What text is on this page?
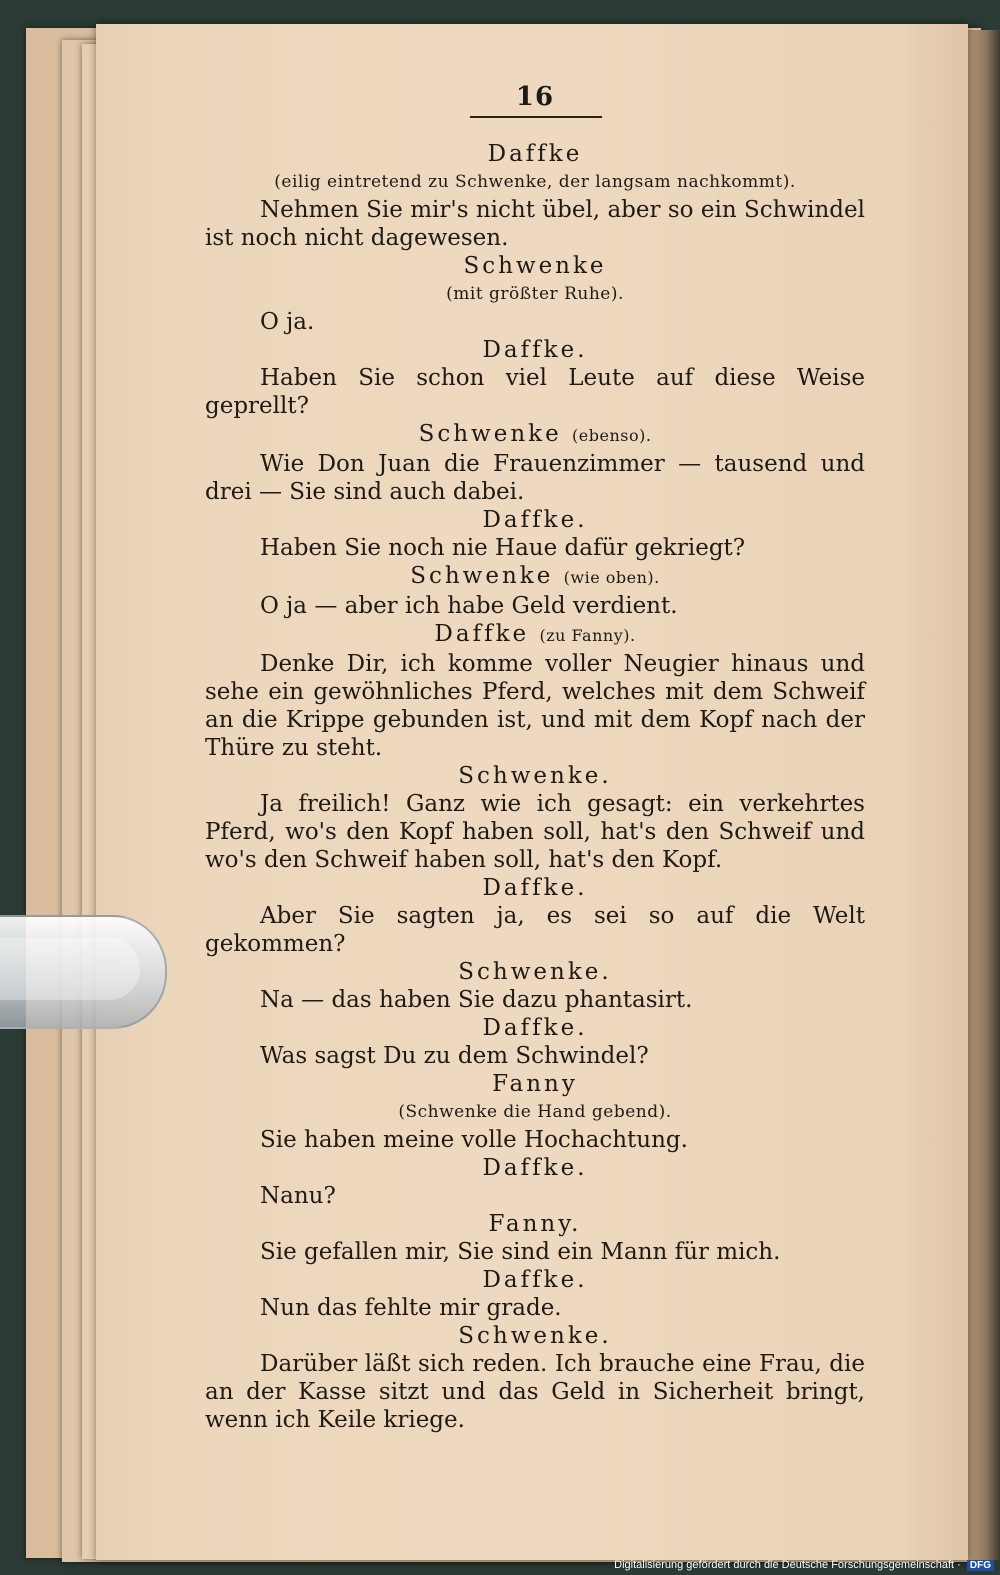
16
Daffke
(eilig eintretend zu Schwenke, der langsam nachkommt).
Nehmen Sie mir's nicht übel, aber so ein Schwindel ist noch nicht dagewesen.
Schwenke
(mit größter Ruhe).
O ja.
Daffke.
Haben Sie schon viel Leute auf diese Weise geprellt?
Schwenke (ebenso).
Wie Don Juan die Frauenzimmer — tausend und drei — Sie sind auch dabei.
Daffke.
Haben Sie noch nie Haue dafür gekriegt?
Schwenke (wie oben).
O ja — aber ich habe Geld verdient.
Daffke (zu Fanny).
Denke Dir, ich komme voller Neugier hinaus und sehe ein gewöhnliches Pferd, welches mit dem Schweif an die Krippe gebunden ist, und mit dem Kopf nach der Thüre zu steht.
Schwenke.
Ja freilich! Ganz wie ich gesagt: ein verkehrtes Pferd, wo's den Kopf haben soll, hat's den Schweif und wo's den Schweif haben soll, hat's den Kopf.
Daffke.
Aber Sie sagten ja, es sei so auf die Welt gekommen?
Schwenke.
Na — das haben Sie dazu phantasirt.
Daffke.
Was sagst Du zu dem Schwindel?
Fanny
(Schwenke die Hand gebend).
Sie haben meine volle Hochachtung.
Daffke.
Nanu?
Fanny.
Sie gefallen mir, Sie sind ein Mann für mich.
Daffke.
Nun das fehlte mir grade.
Schwenke.
Darüber läßt sich reden. Ich brauche eine Frau, die an der Kasse sitzt und das Geld in Sicherheit bringt, wenn ich Keile kriege.
Digitalisierung gefördert durch die Deutsche Forschungsgemeinschaft · DFG
